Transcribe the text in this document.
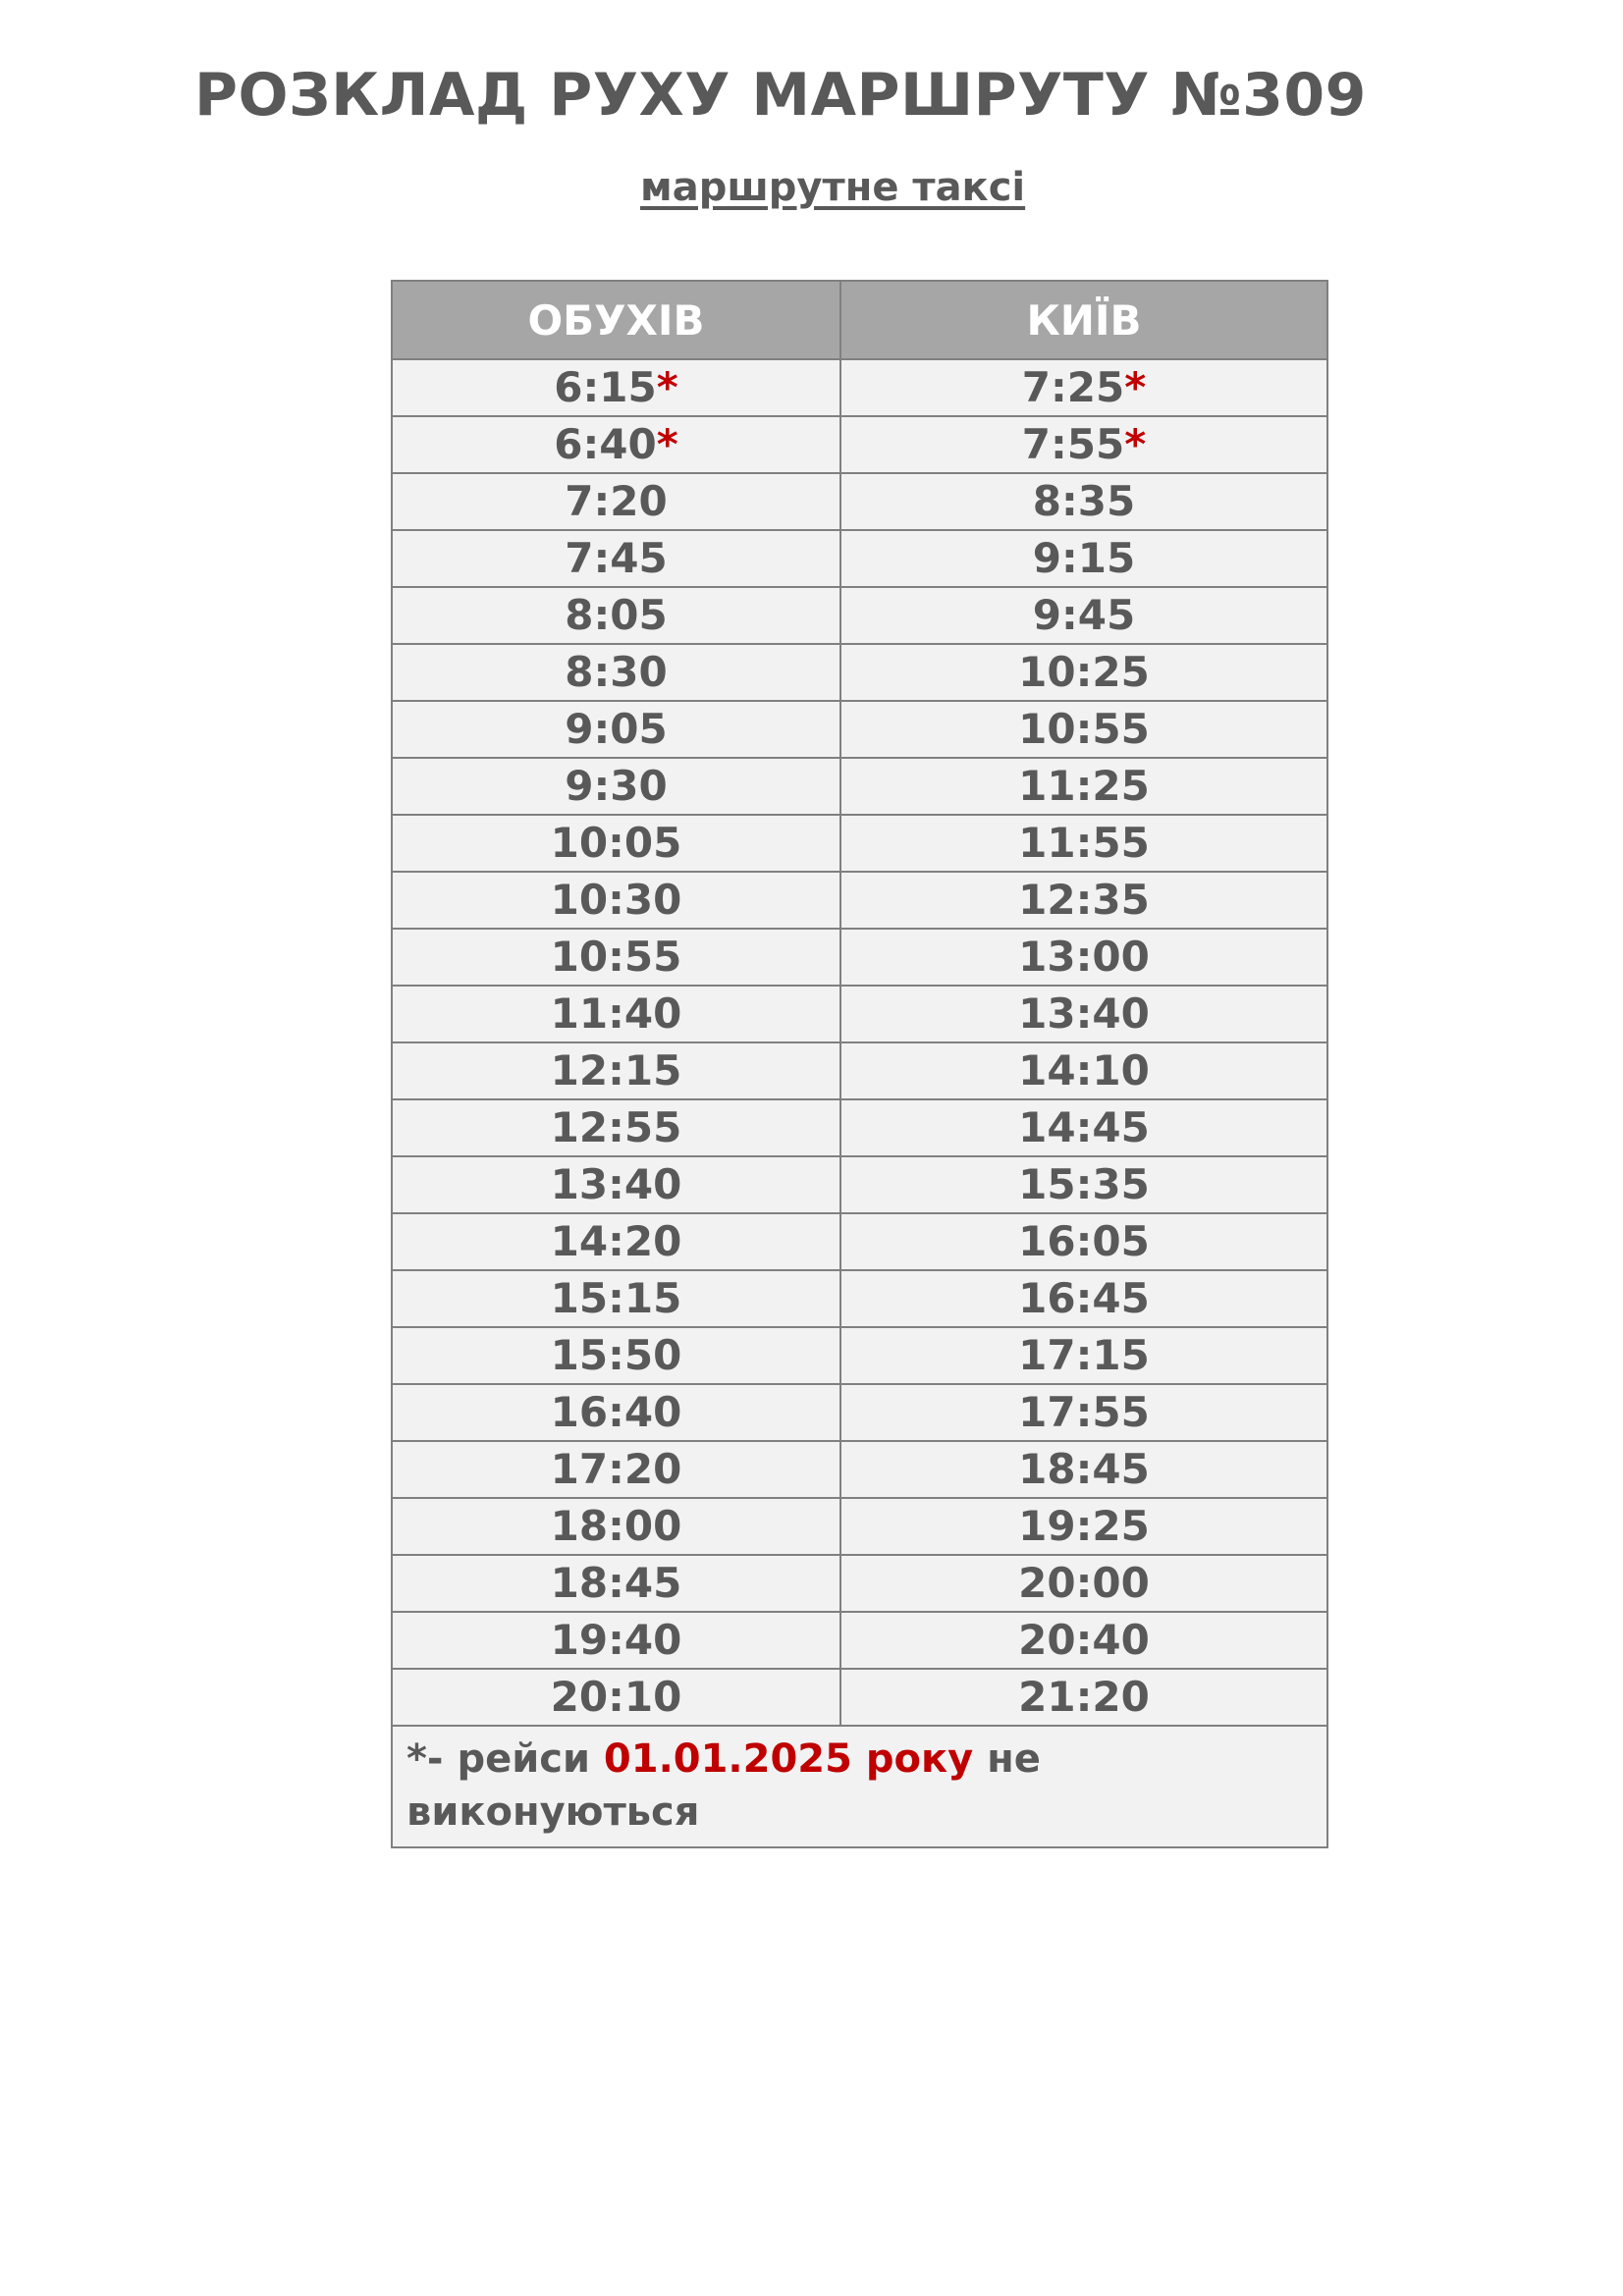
РОЗКЛАД РУХУ МАРШРУТУ №309
маршрутне таксі
ОБУХІВ	КИЇВ
6:15*	7:25*
6:40*	7:55*
7:20	8:35
7:45	9:15
8:05	9:45
8:30	10:25
9:05	10:55
9:30	11:25
10:05	11:55
10:30	12:35
10:55	13:00
11:40	13:40
12:15	14:10
12:55	14:45
13:40	15:35
14:20	16:05
15:15	16:45
15:50	17:15
16:40	17:55
17:20	18:45
18:00	19:25
18:45	20:00
19:40	20:40
20:10	21:20
*- рейси 01.01.2025 року не виконуються	
